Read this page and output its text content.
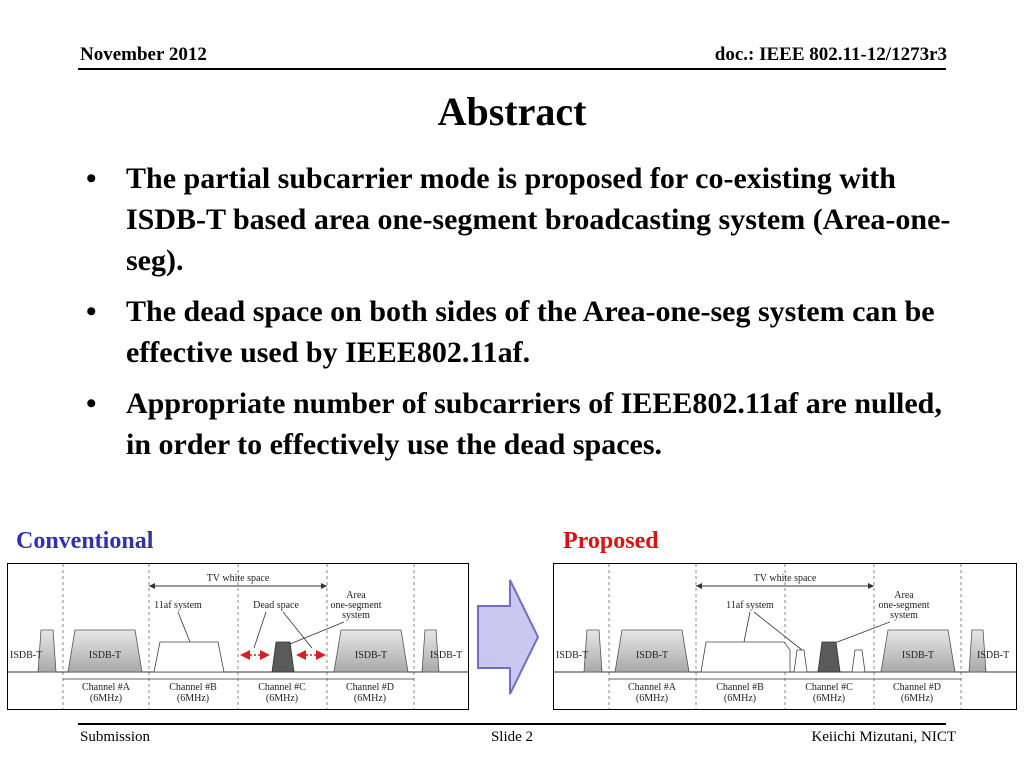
November 2012	doc.: IEEE 802.11-12/1273r3
Abstract
• The partial subcarrier mode is proposed for co-existing with ISDB-T based area one-segment broadcasting system (Area-one-seg).
• The dead space on both sides of the Area-one-seg system can be effective used by IEEE802.11af.
• Appropriate number of subcarriers of IEEE802.11af are nulled, in order to effectively use the dead spaces.
Conventional	Proposed
TV white space
11af system	Dead space
Area
one-segment
system
ISDB-T	ISDB-T	ISDB-T	ISDB-T
Channel #A
(6MHz)
Channel #B
(6MHz)
Channel #C
(6MHz)
Channel #D
(6MHz)
TV white space
11af system
Area
one-segment
system
ISDB-T	ISDB-T	ISDB-T	ISDB-T
Channel #A
(6MHz)
Channel #B
(6MHz)
Channel #C
(6MHz)
Channel #D
(6MHz)
Submission	Slide 2	Keiichi Mizutani, NICT
